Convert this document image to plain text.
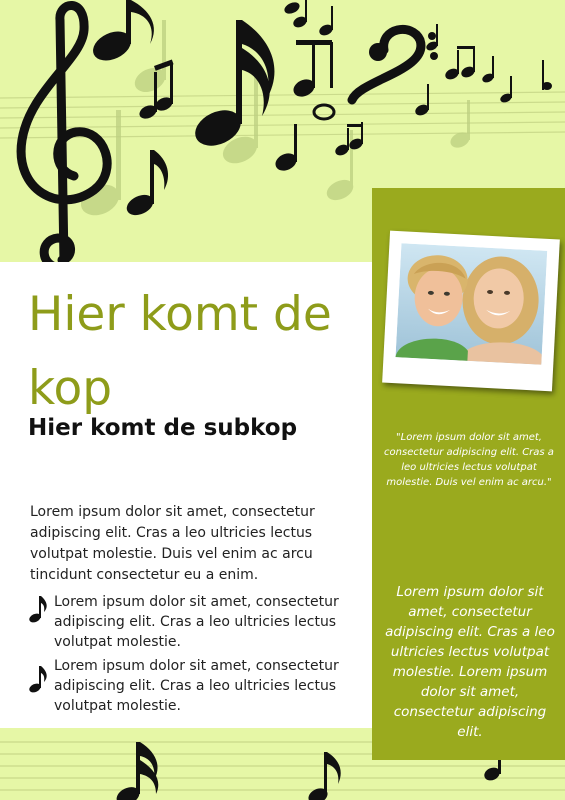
Hier komt de kop
Hier komt de subkop

Lorem ipsum dolor sit amet, consectetur adipiscing elit. Cras a leo ultricies lectus volutpat molestie. Duis vel enim ac arcu tincidunt consectetur eu a enim.

Lorem ipsum dolor sit amet, consectetur adipiscing elit. Cras a leo ultricies lectus volutpat molestie.
Lorem ipsum dolor sit amet, consectetur adipiscing elit. Cras a leo ultricies lectus volutpat molestie.
"Lorem ipsum dolor sit amet, consectetur adipiscing elit. Cras a leo ultricies lectus volutpat molestie. Duis vel enim ac arcu."
Lorem ipsum dolor sit amet, consectetur adipiscing elit. Cras a leo ultricies lectus volutpat molestie. Lorem ipsum dolor sit amet, consectetur adipiscing elit.
